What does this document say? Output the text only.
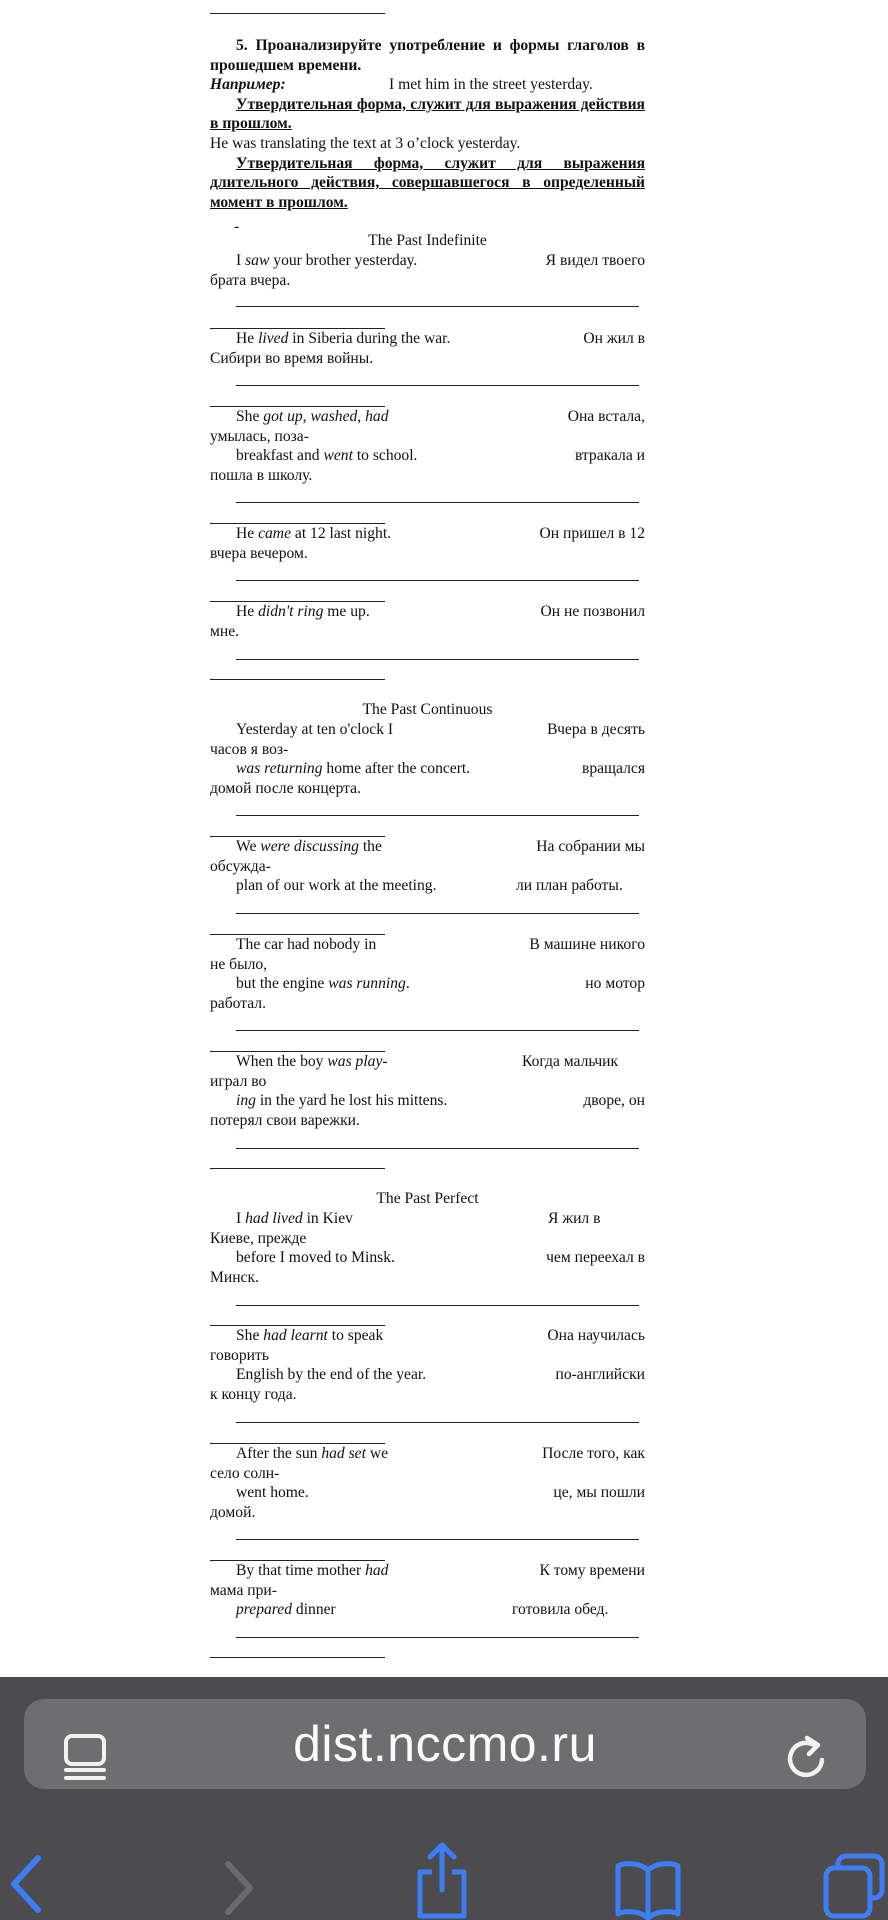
5. Проанализируйте употребление и формы глаголов в прошедшем времени.

Например:	I met him in the street yesterday.

Утвердительная форма, служит для выражения действия в прошлом.

He was translating the text at 3 o’clock yesterday.

Утвердительная форма, служит для выражения длительного действия, совершавшегося в определенный момент в прошлом.

-
The Past Indefinite
I saw your brother yesterday.	Я видел твоего
брата вчера.
He lived in Siberia during the war.	Он жил в
Сибири во время войны.
She got up, washed, had	Она встала,
умылась, поза-
breakfast and went to school.	втракала и
пошла в школу.
He came at 12 last night.	Он пришел в 12
вчера вечером.
He didn't ring me up.	Он не позвонил
мне.
The Past Continuous
Yesterday at ten o'clock I	Вчера в десять
часов я воз-
was returning home after the concert.	вращался
домой после концерта.
We were discussing the	На собрании мы
обсужда-
plan of our work at the meeting.	ли план работы.
The car had nobody in	В машине никого
не было,
but the engine was running.	но мотор
работал.
When the boy was play-	Когда мальчик
играл во
ing in the yard he lost his mittens.	дворе, он
потерял свои варежки.
The Past Perfect
I had lived in Kiev	Я жил в
Киеве, прежде
before I moved to Minsk.	чем переехал в
Минск.
She had learnt to speak	Она научилась
говорить
English by the end of the year.	по-английски
к концу года.
After the sun had set we	После того, как
село солн-
went home.	це, мы пошли
домой.
By that time mother had	К тому времени
мама при-
prepared dinner	готовила обед.
dist.nccmo.ru
